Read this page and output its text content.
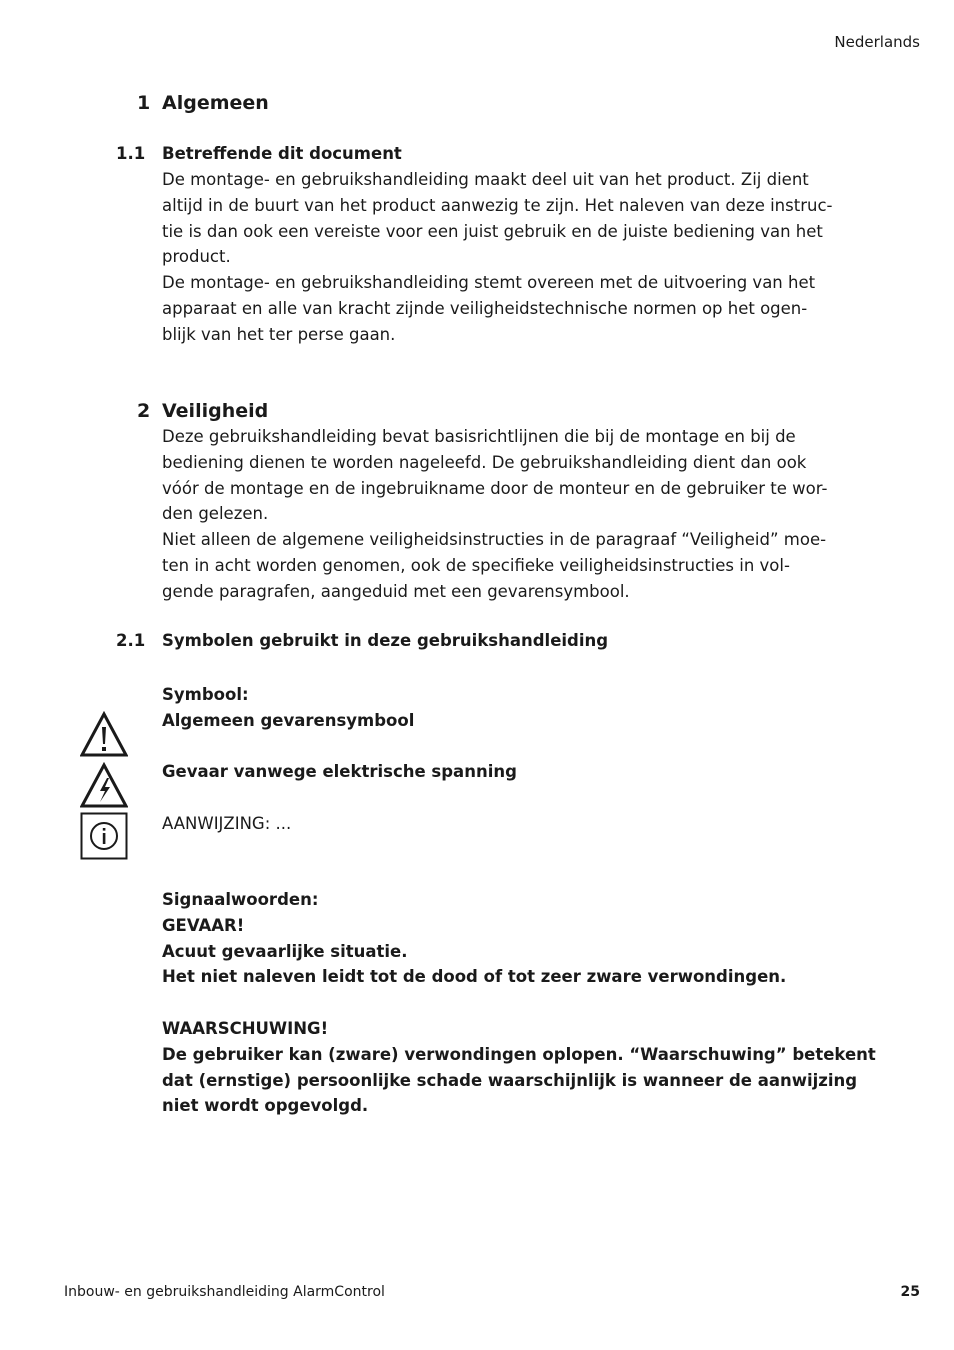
Nederlands
1 Algemeen
1.1 Betreffende dit document
De montage- en gebruikshandleiding maakt deel uit van het product. Zij dient
altijd in de buurt van het product aanwezig te zijn. Het naleven van deze instruc-
tie is dan ook een vereiste voor een juist gebruik en de juiste bediening van het
product.
De montage- en gebruikshandleiding stemt overeen met de uitvoering van het
apparaat en alle van kracht zijnde veiligheidstechnische normen op het ogen-
blijk van het ter perse gaan.
2 Veiligheid
Deze gebruikshandleiding bevat basisrichtlijnen die bij de montage en bij de
bediening dienen te worden nageleefd. De gebruikshandleiding dient dan ook
vóór de montage en de ingebruikname door de monteur en de gebruiker te wor-
den gelezen.
Niet alleen de algemene veiligheidsinstructies in de paragraaf “Veiligheid” moe-
ten in acht worden genomen, ook de specifieke veiligheidsinstructies in vol-
gende paragrafen, aangeduid met een gevarensymbool.
2.1 Symbolen gebruikt in deze gebruikshandleiding
Symbool:
Algemeen gevarensymbool
Gevaar vanwege elektrische spanning
AANWIJZING: ...
Signaalwoorden:
GEVAAR!
Acuut gevaarlijke situatie.
Het niet naleven leidt tot de dood of tot zeer zware verwondingen.
WAARSCHUWING!
De gebruiker kan (zware) verwondingen oplopen. “Waarschuwing” betekent
dat (ernstige) persoonlijke schade waarschijnlijk is wanneer de aanwijzing
niet wordt opgevolgd.
Inbouw- en gebruikshandleiding AlarmControl	25
